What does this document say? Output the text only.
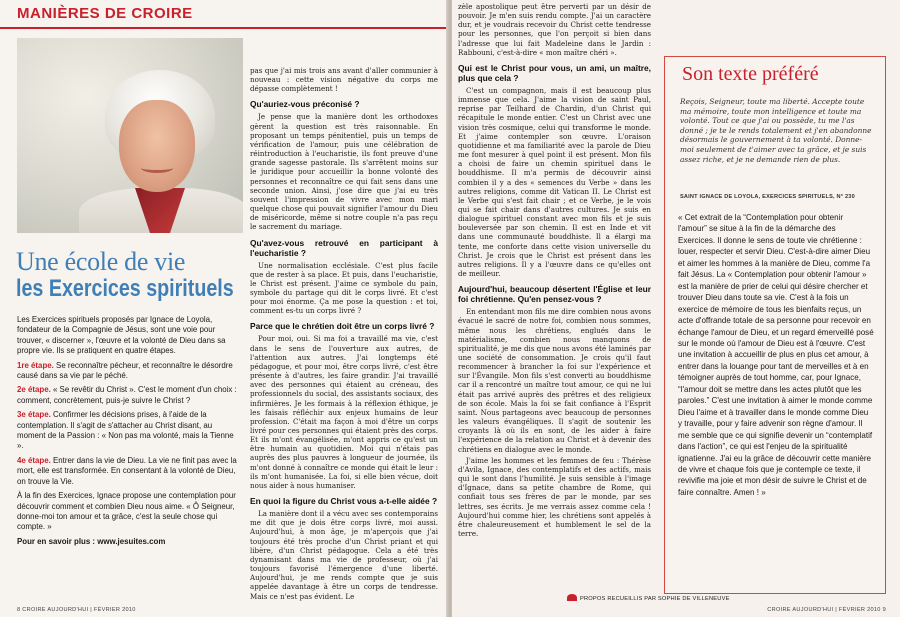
MANIÈRES DE CROIRE
Une école de vie
les Exercices spirituels

Les Exercices spirituels proposés par Ignace de Loyola, fondateur de la Compagnie de Jésus, sont une voie pour trouver, « discerner », l'œuvre et la volonté de Dieu dans sa propre vie. Ils se pratiquent en quatre étapes.

1re étape. Se reconnaître pécheur, et reconnaître le désordre causé dans sa vie par le péché.

2e étape. « Se revêtir du Christ ». C'est le moment d'un choix : comment, concrètement, puis-je suivre le Christ ?

3e étape. Confirmer les décisions prises, à l'aide de la contemplation. Il s'agit de s'attacher au Christ disant, au moment de la Passion : « Non pas ma volonté, mais la Tienne ».

4e étape. Entrer dans la vie de Dieu. La vie ne finit pas avec la mort, elle est transformée. En consentant à la volonté de Dieu, on trouve la Vie.

À la fin des Exercices, Ignace propose une contemplation pour découvrir comment et combien Dieu nous aime. « Ô Seigneur, donne-moi ton amour et ta grâce, c'est la seule chose qui compte. »

Pour en savoir plus : www.jesuites.com

pas que j'ai mis trois ans avant d'aller communier à nouveau : cette vision négative du corps me dépasse complètement !

Qu'auriez-vous préconisé ?

Je pense que la manière dont les orthodoxes gèrent la question est très raisonnable. En proposant un temps pénitentiel, puis un temps de vérification de l'amour, puis une célébration de réintroduction à l'eucharistie, ils font preuve d'une grande sagesse pastorale. Ils s'arrêtent moins sur le juridique pour accueillir la bonne volonté des personnes et reconnaître ce qui fait sens dans une seconde union. Ainsi, j'ose dire que j'ai eu très souvent l'impression de vivre avec mon mari quelque chose qui pouvait signifier l'amour du Dieu de miséricorde, même si notre couple n'a pas reçu le sacrement du mariage.

Qu'avez-vous retrouvé en participant à l'eucharistie ?

Une normalisation ecclésiale. C'est plus facile que de rester à sa place. Et puis, dans l'eucharistie, le Christ est présent. J'aime ce symbole du pain, symbole du partage qui dit le corps livré. Et c'est pour moi énorme. Ça me pose la question : et toi, comment es-tu un corps livré ?

Parce que le chrétien doit être un corps livré ?

Pour moi, oui. Si ma foi a travaillé ma vie, c'est dans le sens de l'ouverture aux autres, de l'attention aux autres. J'ai longtemps été pédagogue, et pour moi, être corps livré, c'est être présente à d'autres, les faire grandir. J'ai travaillé avec des personnes qui étaient au créneau, des professionnels du social, des assistants sociaux, des infirmières. Je les formais à la réflexion éthique, je les faisais réfléchir aux enjeux humains de leur profession. C'était ma façon à moi d'être un corps livré pour ces personnes qui étaient près des corps. Et ils m'ont évangélisée, m'ont appris ce qu'est un être humain au quotidien. Moi qui n'étais pas auprès des plus pauvres à longueur de journée, ils m'ont donné à connaître ce monde qui était le leur : ils m'ont humanisée. La foi, si elle bien vécue, doit nous aider à nous humaniser.

En quoi la figure du Christ vous a-t-elle aidée ?

La manière dont il a vécu avec ses contemporains me dit que je dois être corps livré, moi aussi. Aujourd'hui, à mon âge, je m'aperçois que j'ai toujours été très proche d'un Christ priant et qui libère, d'un Christ pédagogue. Cela a été très dynamisant dans ma vie de professeur, où j'ai toujours favorisé l'émergence d'une liberté. Aujourd'hui, je me rends compte que je suis appelée davantage à être un corps de tendresse. Mais ce n'est pas évident. Le

8 CROIRE AUJOURD'HUI | FÉVRIER 2010

zèle apostolique peut être perverti par un désir de pouvoir. Je m'en suis rendu compte. J'ai un caractère dur, et je voudrais recevoir du Christ cette tendresse pour les personnes, que l'on perçoit si bien dans l'adresse que lui fait Madeleine dans le Jardin : Rabbouni, c'est-à-dire « mon maître chéri ».

Qui est le Christ pour vous, un ami, un maître, plus que cela ?

C'est un compagnon, mais il est beaucoup plus immense que cela. J'aime la vision de saint Paul, reprise par Teilhard de Chardin, d'un Christ qui récapitule le monde entier. C'est un Christ avec une vision très cosmique, celui qui transforme le monde. Et j'aime contempler son œuvre. L'oraison quotidienne et ma familiarité avec la parole de Dieu me font mesurer à quel point il est présent. Mon fils a choisi de faire un chemin spirituel dans le bouddhisme. Il m'a permis de découvrir ainsi combien il y a des « semences du Verbe » dans les autres religions, comme dit Vatican II. Le Christ est le Verbe qui s'est fait chair ; et ce Verbe, je le vois qui se fait chair dans d'autres cultures. Je suis en dialogue spirituel constant avec mon fils et je suis bouleversée par son chemin. Il est en Inde et vit dans une communauté bouddhiste. Il a élargi ma tente, me conforte dans cette vision universelle du Christ. Je crois que le Christ est présent dans les autres religions. Il y a l'œuvre dans ce qu'elles ont de meilleur.

Aujourd'hui, beaucoup désertent l'Église et leur foi chrétienne. Qu'en pensez-vous ?

En entendant mon fils me dire combien nous avons évacué le sacré de notre foi, combien nous sommes, même nous les chrétiens, englués dans le matérialisme, combien nous manquons de spiritualité, je me dis que nous avons été laminés par une société de consommation. Je crois qu'il faut recommencer à brancher la foi sur l'expérience et sur l'Évangile. Mon fils s'est converti au bouddhisme car il a rencontré un maître tout amour, ce qui ne lui était pas arrivé auprès des prêtres et des religieux de son école. Mais la foi se fait confiance à l'Esprit saint. Nous partageons avec beaucoup de personnes les valeurs évangéliques. Il s'agit de soutenir les croyants là où ils en sont, de les aider à faire l'expérience de la relation au Christ et à devenir des chrétiens en dialogue avec le monde.

J'aime les hommes et les femmes de feu : Thérèse d'Avila, Ignace, des contemplatifs et des actifs, mais qui le sont dans l'humilité. Je suis sensible à l'image d'Ignace, dans sa petite chambre de Rome, qui confiait tous ses frères de par le monde, par ses lettres, ses écrits. Je me verrais assez comme cela ! Aujourd'hui comme hier, les chrétiens sont appelés à être chaleureusement et humblement le sel de la terre.

PROPOS RECUEILLIS PAR SOPHIE DE VILLENEUVE
Son texte préféré
Reçois, Seigneur, toute ma liberté. Accepte toute ma mémoire, toute mon intelligence et toute ma volonté. Tout ce que j'ai ou possède, tu me l'as donné ; je te le rends totalement et j'en abandonne désormais le gouvernement à ta volonté. Donne-moi seulement de t'aimer avec ta grâce, et je suis assez riche, et je ne demande rien de plus.
SAINT IGNACE DE LOYOLA, EXERCICES SPIRITUELS, N° 230
« Cet extrait de la “Contemplation pour obtenir l'amour” se situe à la fin de la démarche des Exercices. Il donne le sens de toute vie chrétienne : louer, respecter et servir Dieu. C'est-à-dire aimer Dieu et aimer les hommes à la manière de Dieu, comme l'a fait Jésus. La « Contemplation pour obtenir l'amour » est la manière de prier de celui qui désire chercher et trouver Dieu dans toute sa vie. C'est à la fois un exercice de mémoire de tous les bienfaits reçus, un acte d'offrande totale de sa personne pour recevoir en échange l'amour de Dieu, et un regard émerveillé posé sur le monde où l'amour de Dieu est à l'œuvre. C'est une invitation à accueillir de plus en plus cet amour, à entrer dans la louange pour tant de merveilles et à en témoigner auprès de tout homme, car, pour Ignace, “l'amour doit se mettre dans les actes plutôt que les paroles.” C'est une invitation à aimer le monde comme Dieu l'aime et à travailler dans le monde comme Dieu y travaille, pour y faire advenir son règne d'amour. Il me semble que ce qui signifie devenir un “contemplatif dans l'action”, ce qui est l'enjeu de la spiritualité ignatienne. J'ai eu la grâce de découvrir cette manière de vivre et chaque fois que je contemple ce texte, il revivifie ma joie et mon désir de suivre le Christ et de faire connaître. Amen ! »
CROIRE AUJOURD'HUI | FÉVRIER 2010 9
